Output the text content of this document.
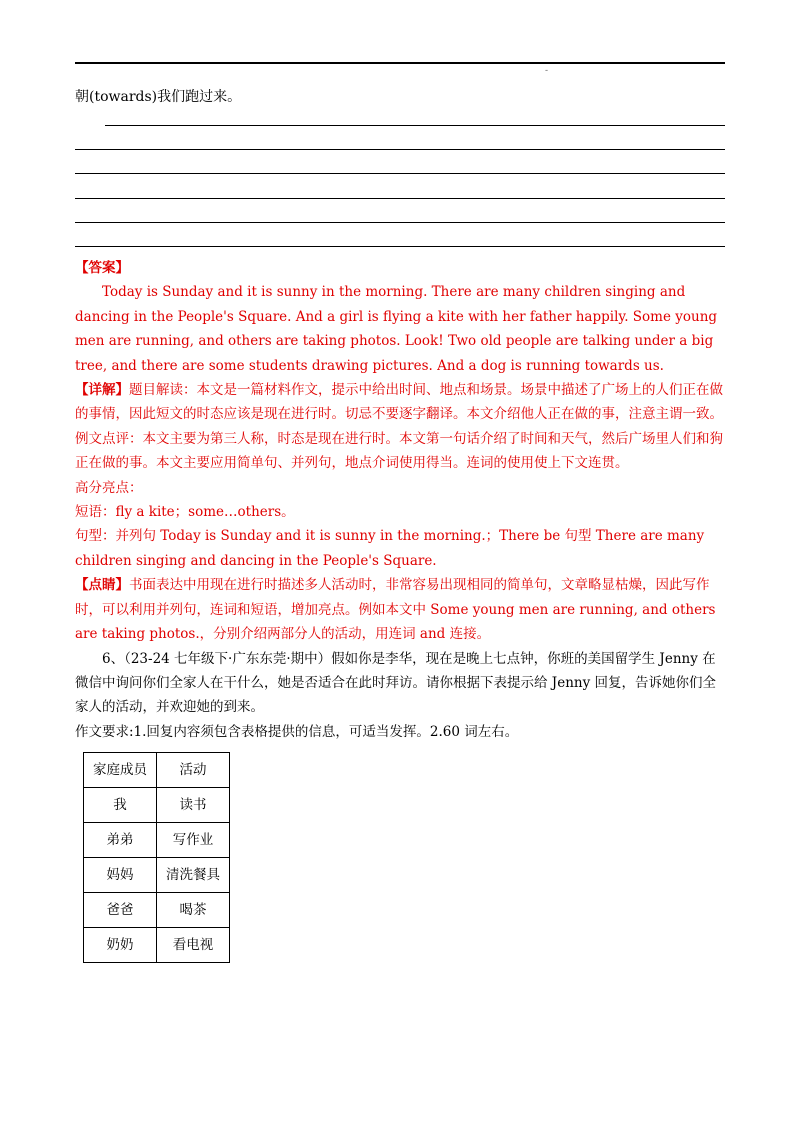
-
朝(towards)我们跑过来。

【答案】

Today is Sunday and it is sunny in the morning. There are many children singing and dancing in the People's Square. And a girl is flying a kite with her father happily. Some young men are running, and others are taking photos. Look! Two old people are talking under a big tree, and there are some students drawing pictures. And a dog is running towards us.

【详解】题目解读：本文是一篇材料作文，提示中给出时间、地点和场景。场景中描述了广场上的人们正在做的事情，因此短文的时态应该是现在进行时。切忌不要逐字翻译。本文介绍他人正在做的事，注意主谓一致。

例文点评：本文主要为第三人称，时态是现在进行时。本文第一句话介绍了时间和天气，然后广场里人们和狗正在做的事。本文主要应用简单句、并列句，地点介词使用得当。连词的使用使上下文连贯。

高分亮点：

短语：fly a kite；some…others。

句型：并列句 Today is Sunday and it is sunny in the morning.；There be 句型 There are many children singing and dancing in the People's Square.

【点睛】书面表达中用现在进行时描述多人活动时，非常容易出现相同的简单句，文章略显枯燥，因此写作时，可以利用并列句，连词和短语，增加亮点。例如本文中 Some young men are running, and others are taking photos.，分别介绍两部分人的活动，用连词 and 连接。

6、（23-24 七年级下·广东东莞·期中）假如你是李华，现在是晚上七点钟，你班的美国留学生 Jenny 在微信中询问你们全家人在干什么，她是否适合在此时拜访。请你根据下表提示给 Jenny 回复，告诉她你们全家人的活动，并欢迎她的到来。

作文要求:1.回复内容须包含表格提供的信息，可适当发挥。2.60 词左右。

家庭成员	活动
我	读书
弟弟	写作业
妈妈	清洗餐具
爸爸	喝茶
奶奶	看电视
